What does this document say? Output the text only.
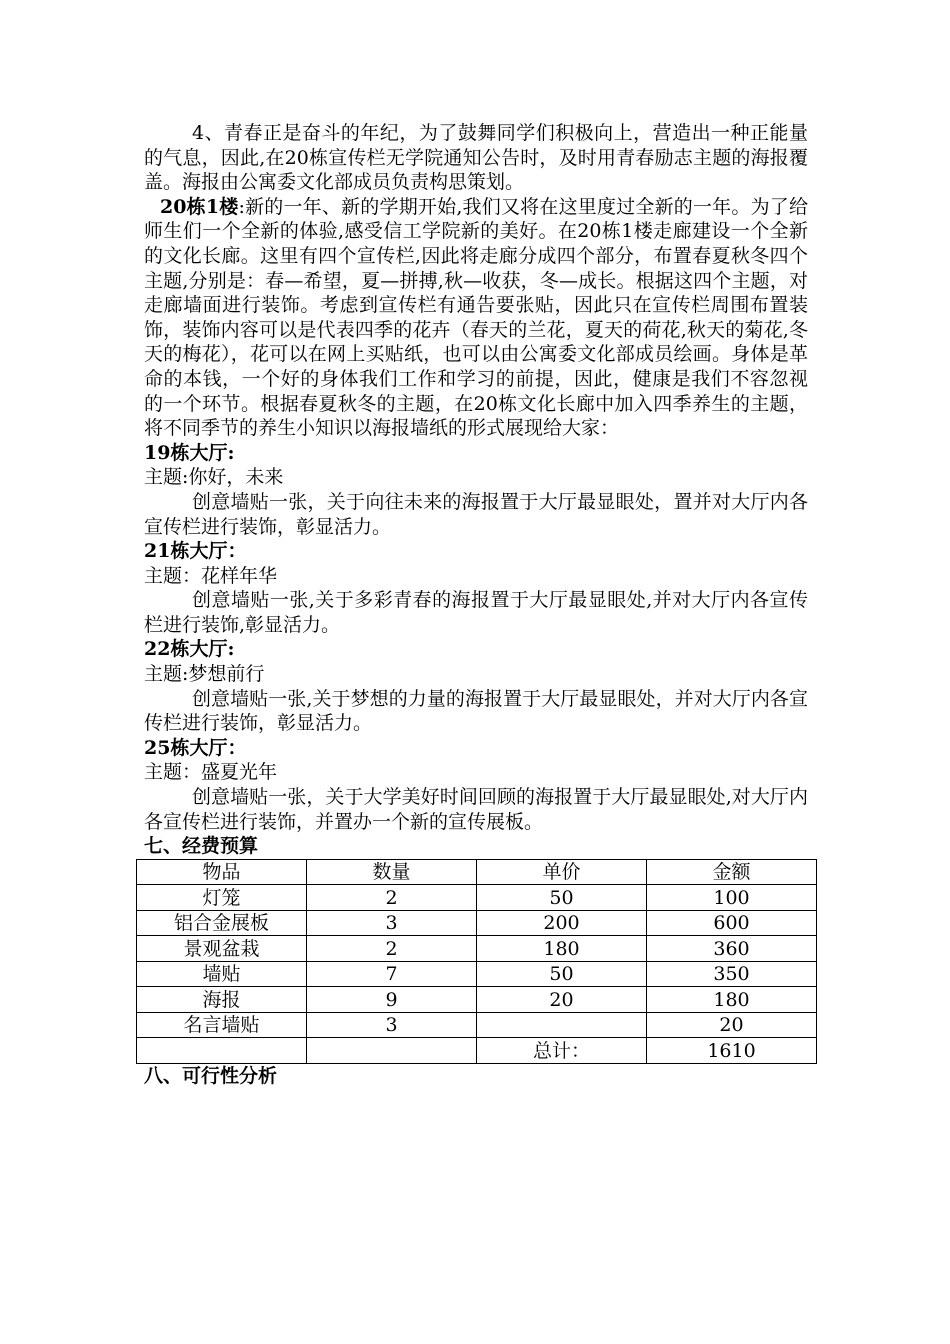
4、青春正是奋斗的年纪，为了鼓舞同学们积极向上，营造出一种正能量的气息，因此,在20栋宣传栏无学院通知公告时，及时用青春励志主题的海报覆盖。海报由公寓委文化部成员负责构思策划。

20栋1楼:新的一年、新的学期开始,我们又将在这里度过全新的一年。为了给师生们一个全新的体验,感受信工学院新的美好。在20栋1楼走廊建设一个全新的文化长廊。这里有四个宣传栏,因此将走廊分成四个部分，布置春夏秋冬四个主题,分别是：春—希望，夏—拼搏,秋—收获，冬—成长。根据这四个主题，对走廊墙面进行装饰。考虑到宣传栏有通告要张贴，因此只在宣传栏周围布置装饰，装饰内容可以是代表四季的花卉（春天的兰花，夏天的荷花,秋天的菊花,冬天的梅花），花可以在网上买贴纸，也可以由公寓委文化部成员绘画。身体是革命的本钱，一个好的身体我们工作和学习的前提，因此，健康是我们不容忽视的一个环节。根据春夏秋冬的主题，在20栋文化长廊中加入四季养生的主题，将不同季节的养生小知识以海报墙纸的形式展现给大家：

19栋大厅:

主题:你好，未来

创意墙贴一张，关于向往未来的海报置于大厅最显眼处，置并对大厅内各宣传栏进行装饰，彰显活力。

21栋大厅：

主题：花样年华

创意墙贴一张,关于多彩青春的海报置于大厅最显眼处,并对大厅内各宣传栏进行装饰,彰显活力。

22栋大厅:

主题:梦想前行

创意墙贴一张,关于梦想的力量的海报置于大厅最显眼处，并对大厅内各宣传栏进行装饰，彰显活力。

25栋大厅：

主题：盛夏光年

创意墙贴一张，关于大学美好时间回顾的海报置于大厅最显眼处,对大厅内各宣传栏进行装饰，并置办一个新的宣传展板。

七、经费预算

物品	数量	单价	金额
灯笼	2	50	100
铝合金展板	3	200	600
景观盆栽	2	180	360
墙贴	7	50	350
海报	9	20	180
名言墙贴	3		20
		总计：	1610

八、可行性分析
